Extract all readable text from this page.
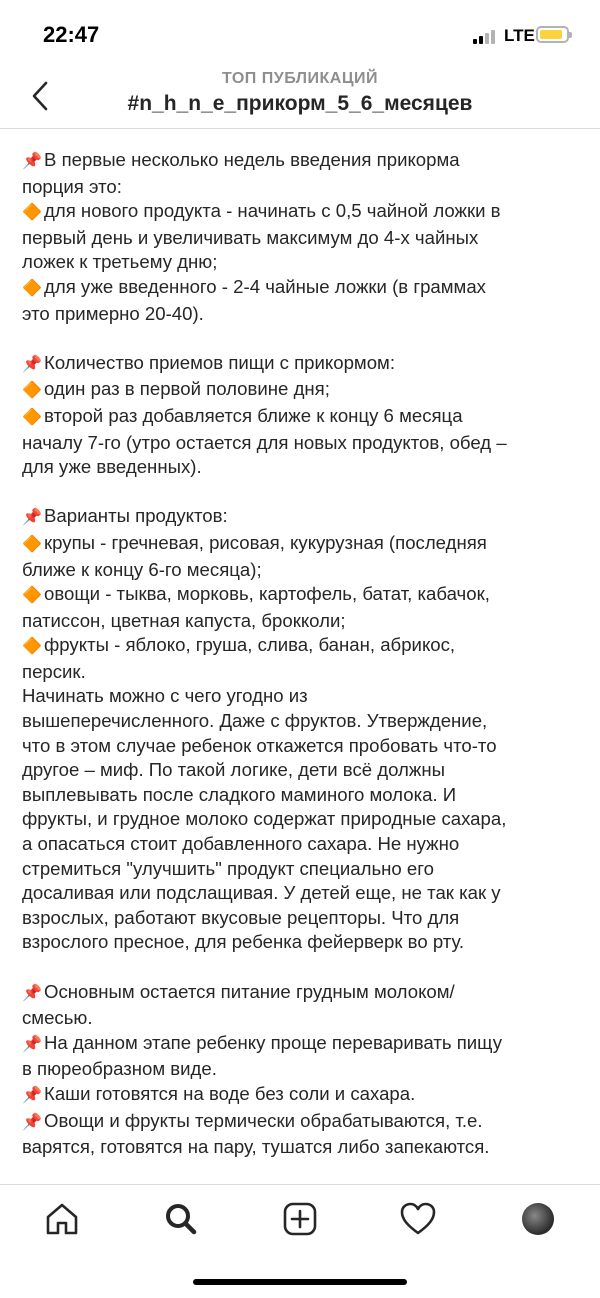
22:47	LTE
ТОП ПУБЛИКАЦИЙ
#n_h_n_e_прикорм_5_6_месяцев

📌 В первые несколько недель введения прикорма

порция это:

🔶 для нового продукта - начинать с 0,5 чайной ложки в

первый день и увеличивать максимум до 4-х чайных

ложек к третьему дню;

🔶 для уже введенного - 2-4 чайные ложки (в граммах

это примерно 20-40).

📌 Количество приемов пищи с прикормом:

🔶 один раз в первой половине дня;

🔶 второй раз добавляется ближе к концу 6 месяца

началу 7-го (утро остается для новых продуктов, обед –

для уже введенных).

📌 Варианты продуктов:

🔶 крупы - гречневая, рисовая, кукурузная (последняя

ближе к концу 6-го месяца);

🔶 овощи - тыква, морковь, картофель, батат, кабачок,

патиссон, цветная капуста, брокколи;

🔶 фрукты - яблоко, груша, слива, банан, абрикос,

персик.

Начинать можно с чего угодно из

вышеперечисленного. Даже с фруктов. Утверждение,

что в этом случае ребенок откажется пробовать что-то

другое – миф. По такой логике, дети всё должны

выплевывать после сладкого маминого молока. И

фрукты, и грудное молоко содержат природные сахара,

а опасаться стоит добавленного сахара. Не нужно

стремиться "улучшить" продукт специально его

досаливая или подслащивая. У детей еще, не так как у

взрослых, работают вкусовые рецепторы. Что для

взрослого пресное, для ребенка фейерверк во рту.

📌 Основным остается питание грудным молоком/

смесью.

📌 На данном этапе ребенку проще переваривать пищу

в пюреобразном виде.

📌 Каши готовятся на воде без соли и сахара.

📌 Овощи и фрукты термически обрабатываются, т.е.

варятся, готовятся на пару, тушатся либо запекаются.
